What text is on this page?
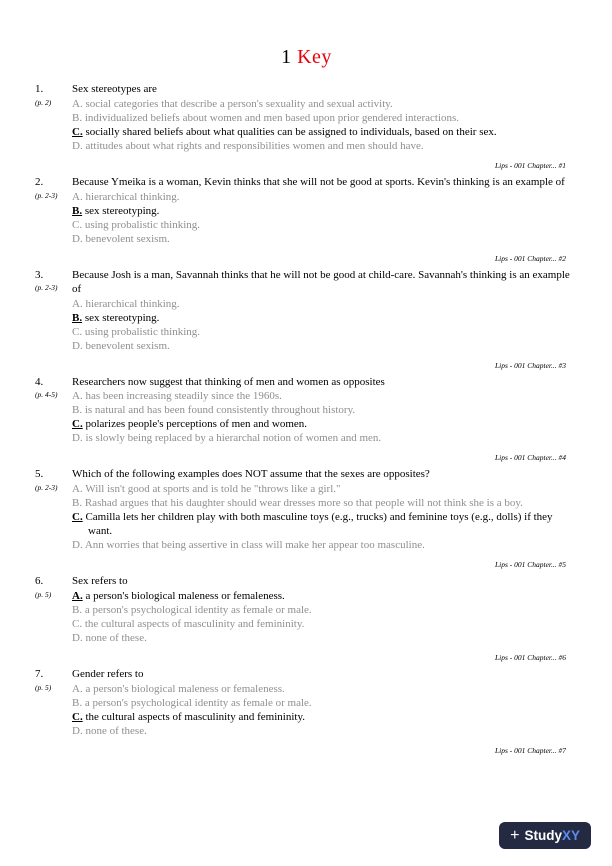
1 Key
1.
(p. 2)
Sex stereotypes are
A. social categories that describe a person's sexuality and sexual activity.
B. individualized beliefs about women and men based upon prior gendered interactions.
C. socially shared beliefs about what qualities can be assigned to individuals, based on their sex.
D. attitudes about what rights and responsibilities women and men should have.
Lips - 001 Chapter... #1
2.
(p. 2-3)
Because Ymeika is a woman, Kevin thinks that she will not be good at sports. Kevin's thinking is an example of
A. hierarchical thinking.
B. sex stereotyping.
C. using probalistic thinking.
D. benevolent sexism.
Lips - 001 Chapter... #2
3.
(p. 2-3)
Because Josh is a man, Savannah thinks that he will not be good at child-care. Savannah's thinking is an example of
A. hierarchical thinking.
B. sex stereotyping.
C. using probalistic thinking.
D. benevolent sexism.
Lips - 001 Chapter... #3
4.
(p. 4-5)
Researchers now suggest that thinking of men and women as opposites
A. has been increasing steadily since the 1960s.
B. is natural and has been found consistently throughout history.
C. polarizes people's perceptions of men and women.
D. is slowly being replaced by a hierarchal notion of women and men.
Lips - 001 Chapter... #4
5.
(p. 2-3)
Which of the following examples does NOT assume that the sexes are opposites?
A. Will isn't good at sports and is told he "throws like a girl."
B. Rashad argues that his daughter should wear dresses more so that people will not think she is a boy.
C. Camilla lets her children play with both masculine toys (e.g., trucks) and feminine toys (e.g., dolls) if they want.
D. Ann worries that being assertive in class will make her appear too masculine.
Lips - 001 Chapter... #5
6.
(p. 5)
Sex refers to
A. a person's biological maleness or femaleness.
B. a person's psychological identity as female or male.
C. the cultural aspects of masculinity and femininity.
D. none of these.
Lips - 001 Chapter... #6
7.
(p. 5)
Gender refers to
A. a person's biological maleness or femaleness.
B. a person's psychological identity as female or male.
C. the cultural aspects of masculinity and femininity.
D. none of these.
Lips - 001 Chapter... #7
+ Study XY
